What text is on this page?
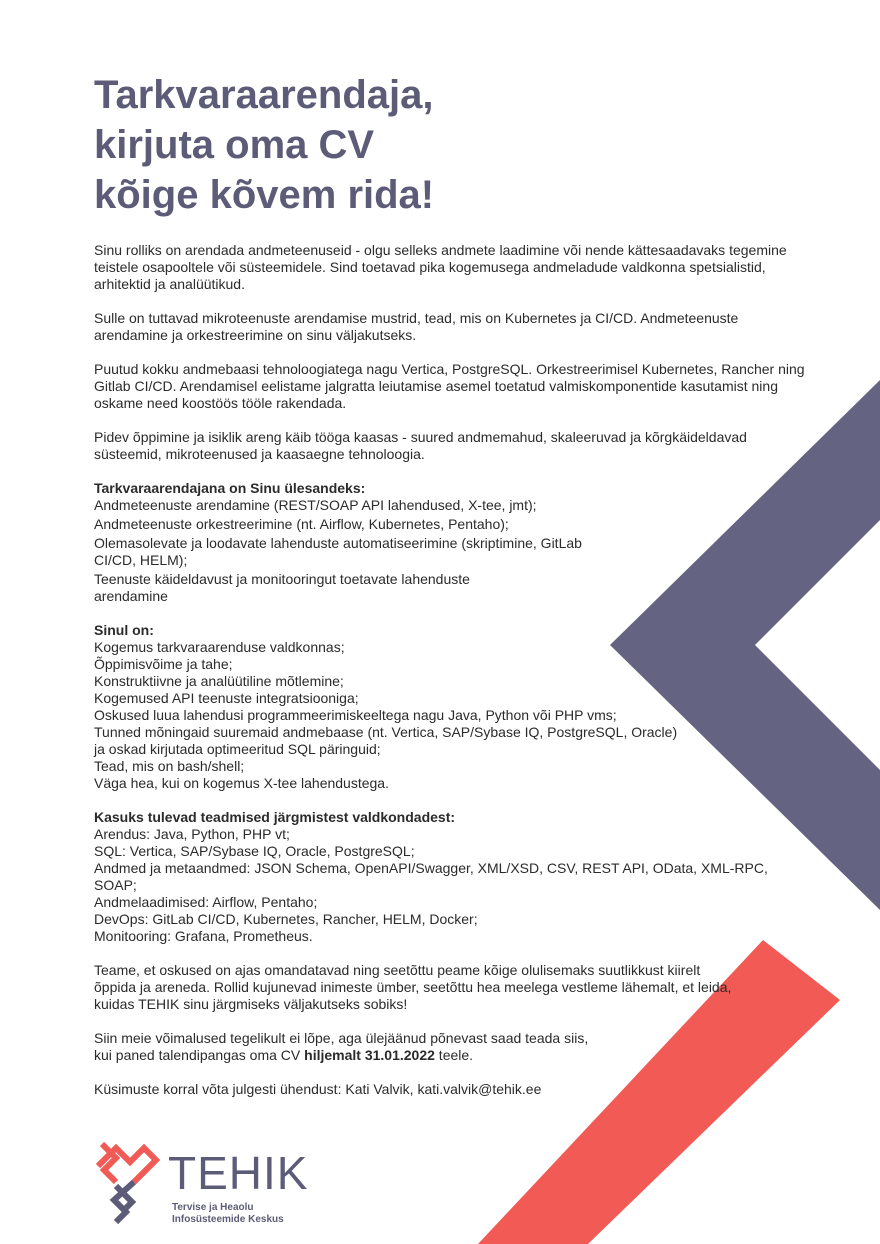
Tarkvaraarendaja,
kirjuta oma CV
kõige kõvem rida!

Sinu rolliks on arendada andmeteenuseid - olgu selleks andmete laadimine või nende kättesaadavaks tegemine teistele osapooltele või süsteemidele. Sind toetavad pika kogemusega andmeladude valdkonna spetsialistid, arhitektid ja analüütikud.

Sulle on tuttavad mikroteenuste arendamise mustrid, tead, mis on Kubernetes ja CI/CD. Andmeteenuste arendamine ja orkestreerimine on sinu väljakutseks.

Puutud kokku andmebaasi tehnoloogiatega nagu Vertica, PostgreSQL. Orkestreerimisel Kubernetes, Rancher ning Gitlab CI/CD. Arendamisel eelistame jalgratta leiutamise asemel toetatud valmiskomponentide kasutamist ning oskame need koostöös tööle rakendada.

Pidev õppimine ja isiklik areng käib tööga kaasas - suured andmemahud, skaleeruvad ja kõrgkäideldavad süsteemid, mikroteenused ja kaasaegne tehnoloogia.

Tarkvaraarendajana on Sinu ülesandeks:

Andmeteenuste arendamine (REST/SOAP API lahendused, X-tee, jmt);
Andmeteenuste orkestreerimine (nt. Airflow, Kubernetes, Pentaho);
Olemasolevate ja loodavate lahenduste automatiseerimine (skriptimine, GitLab CI/CD, HELM);
Teenuste käideldavust ja monitooringut toetavate lahenduste arendamine

Sinul on:

Kogemus tarkvaraarenduse valdkonnas;
Õppimisvõime ja tahe;
Konstruktiivne ja analüütiline mõtlemine;
Kogemused API teenuste integratsiooniga;
Oskused luua lahendusi programmeerimiskeeltega nagu Java, Python või PHP vms;
Tunned mõningaid suuremaid andmebaase (nt. Vertica, SAP/Sybase IQ, PostgreSQL, Oracle) ja oskad kirjutada optimeeritud SQL päringuid;
Tead, mis on bash/shell;
Väga hea, kui on kogemus X-tee lahendustega.

Kasuks tulevad teadmised järgmistest valdkondadest:

Arendus: Java, Python, PHP vt;
SQL: Vertica, SAP/Sybase IQ, Oracle, PostgreSQL;
Andmed ja metaandmed: JSON Schema, OpenAPI/Swagger, XML/XSD, CSV, REST API, OData, XML-RPC, SOAP;
Andmelaadimised: Airflow, Pentaho;
DevOps: GitLab CI/CD, Kubernetes, Rancher, HELM, Docker;
Monitooring: Grafana, Prometheus.

Teame, et oskused on ajas omandatavad ning seetõttu peame kõige olulisemaks suutlikkust kiirelt õppida ja areneda. Rollid kujunevad inimeste ümber, seetõttu hea meelega vestleme lähemalt, et leida, kuidas TEHIK sinu järgmiseks väljakutseks sobiks!

Siin meie võimalused tegelikult ei lõpe, aga ülejäänud põnevast saad teada siis, kui paned talendipangas oma CV hiljemalt 31.01.2022 teele.

Küsimuste korral võta julgesti ühendust: Kati Valvik, kati.valvik@tehik.ee

TEHIK
Tervise ja Heaolu
Infosüsteemide Keskus
